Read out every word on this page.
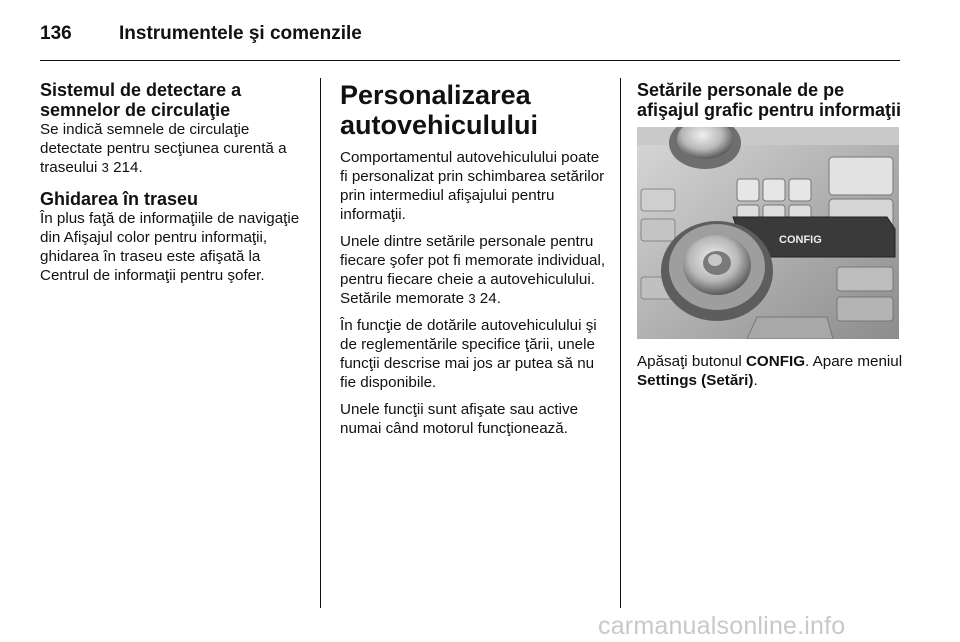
136 Instrumentele şi comenzile
Sistemul de detectare a semnelor de circulaţie

Se indică semnele de circulaţie detectate pentru secţiunea curentă a traseului 3 214.

Ghidarea în traseu

În plus faţă de informaţiile de navigaţie din Afişajul color pentru informaţii, ghidarea în traseu este afişată la Centrul de informaţii pentru şofer.

Personalizarea autovehiculului

Comportamentul autovehiculului poate fi personalizat prin schimbarea setărilor prin intermediul afişajului pentru informaţii.

Unele dintre setările personale pentru fiecare şofer pot fi memorate individual, pentru fiecare cheie a autovehiculului. Setările memorate 3 24.

În funcţie de dotările autovehiculului şi de reglementările specifice ţării, unele funcţii descrise mai jos ar putea să nu fie disponibile.

Unele funcţii sunt afişate sau active numai când motorul funcţionează.

Setările personale de pe afişajul grafic pentru informaţii
CONFIG

Apăsaţi butonul CONFIG. Apare meniul Settings (Setări).

carmanualsonline.info
